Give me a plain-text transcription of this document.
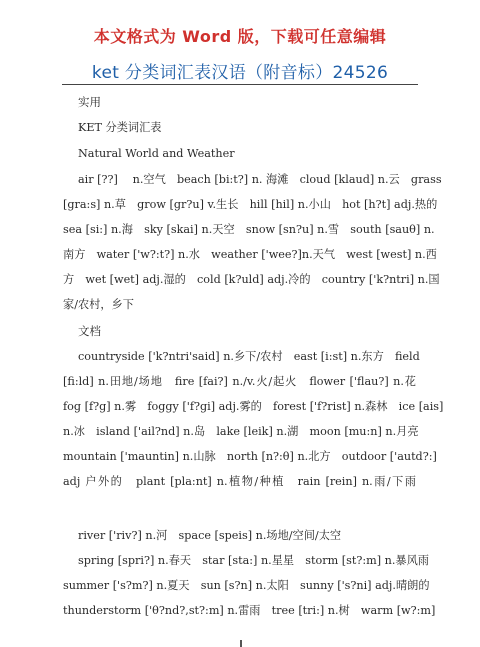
本文格式为 Word 版，下载可任意编辑
ket 分类词汇表汉语（附音标）24526
实用
KET 分类词汇表
Natural World and Weather
air [??]　 n.空气　beach [bi:t?] n. 海滩　cloud [klaud] n.云　grass
[gra:s] n.草　grow [gr?u] v.生长　hill [hil] n.小山　hot [h?t] adj.热的
sea [si:] n.海　sky [skai] n.天空　snow [sn?u] n.雪　south [sauθ] n.
南方　water ['w?:t?] n.水　weather ['wee?]n.天气　west [west] n.西
方　wet [wet] adj.湿的　cold [k?uld] adj.冷的　country ['k?ntri] n.国
家/农村，乡下
文档
countryside ['k?ntri'said] n.乡下/农村　east [i:st] n.东方　field
[fi:ld] n.田地/场地　fire [fai?] n./v.火/起火　flower ['flau?] n.花
fog [f?g] n.雾　foggy ['f?gi] adj.雾的　forest ['f?rist] n.森林　ice [ais]
n.冰　island ['ail?nd] n.岛　lake [leik] n.湖　moon [mu:n] n.月亮
mountain ['mauntin] n.山脉　north [n?:θ] n.北方　outdoor ['autd?:]
adj 户外的　plant [pla:nt] n.植物/种植　rain [rein] n.雨/下雨
river ['riv?] n.河　space [speis] n.场地/空间/太空
spring [spri?] n.春天　star [sta:] n.星星　storm [st?:m] n.暴风雨
summer ['s?m?] n.夏天　sun [s?n] n.太阳　sunny ['s?ni] adj.晴朗的
thunderstorm ['θ?nd?,st?:m] n.雷雨　tree [tri:] n.树　warm [w?:m]
